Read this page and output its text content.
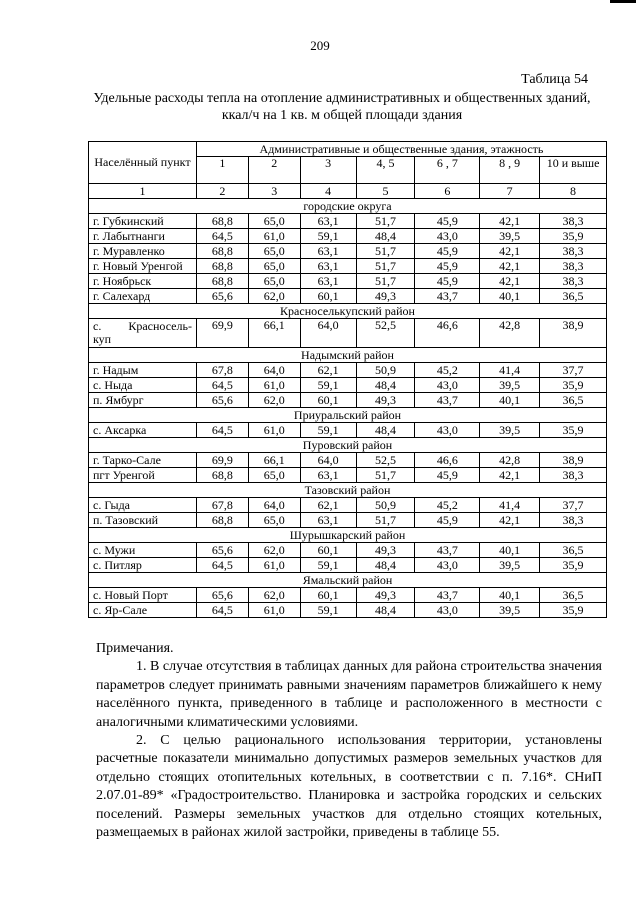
209
Таблица 54
Удельные расходы тепла на отопление административных и общественных зданий, ккал/ч на 1 кв. м общей площади здания
Населённый пункт	Административные и общественные здания, этажность						
	1	2	3	4, 5	6 , 7	8 , 9	10 и выше
1	2	3	4	5	6	7	8
городские округа							
г. Губкинский	68,8	65,0	63,1	51,7	45,9	42,1	38,3
г. Лабытнанги	64,5	61,0	59,1	48,4	43,0	39,5	35,9
г. Муравленко	68,8	65,0	63,1	51,7	45,9	42,1	38,3
г. Новый Уренгой	68,8	65,0	63,1	51,7	45,9	42,1	38,3
г. Ноябрьск	68,8	65,0	63,1	51,7	45,9	42,1	38,3
г. Салехард	65,6	62,0	60,1	49,3	43,7	40,1	36,5
Красноселькупский район							

с. Красносель-
куп	69,9	66,1	64,0	52,5	46,6	42,8	38,9
Надымский район							
г. Надым	67,8	64,0	62,1	50,9	45,2	41,4	37,7
с. Ныда	64,5	61,0	59,1	48,4	43,0	39,5	35,9
п. Ямбург	65,6	62,0	60,1	49,3	43,7	40,1	36,5
Приуральский район							
с. Аксарка	64,5	61,0	59,1	48,4	43,0	39,5	35,9
Пуровский район							
г. Тарко-Сале	69,9	66,1	64,0	52,5	46,6	42,8	38,9
пгт Уренгой	68,8	65,0	63,1	51,7	45,9	42,1	38,3
Тазовский район							
с. Гыда	67,8	64,0	62,1	50,9	45,2	41,4	37,7
п. Тазовский	68,8	65,0	63,1	51,7	45,9	42,1	38,3
Шурышкарский район							
с. Мужи	65,6	62,0	60,1	49,3	43,7	40,1	36,5
с. Питляр	64,5	61,0	59,1	48,4	43,0	39,5	35,9
Ямальский район							
с. Новый Порт	65,6	62,0	60,1	49,3	43,7	40,1	36,5
с. Яр-Сале	64,5	61,0	59,1	48,4	43,0	39,5	35,9

Примечания.

1. В случае отсутствия в таблицах данных для района строительства значения параметров следует принимать равными значениям параметров ближайшего к нему населённого пункта, приведенного в таблице и расположенного в местности с аналогичными климатическими условиями.

2. С целью рационального использования территории, установлены расчетные показатели минимально допустимых размеров земельных участков для отдельно стоящих отопительных котельных, в соответствии с п. 7.16*. СНиП 2.07.01-89* «Градостроительство. Планировка и застройка городских и сельских поселений. Размеры земельных участков для отдельно стоящих котельных, размещаемых в районах жилой застройки, приведены в таблице 55.
